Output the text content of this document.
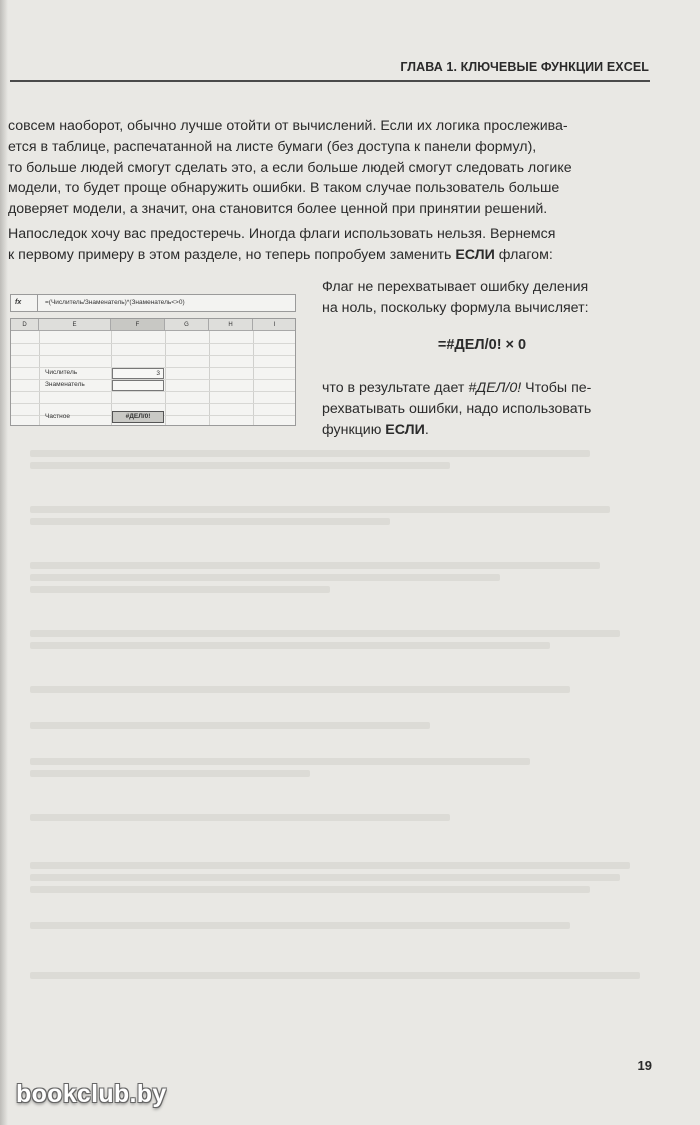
ГЛАВА 1. КЛЮЧЕВЫЕ ФУНКЦИИ EXCEL

совсем наоборот, обычно лучше отойти от вычислений. Если их логика прослежива-

ется в таблице, распечатанной на листе бумаги (без доступа к панели формул),

то больше людей смогут сделать это, а если больше людей смогут следовать логике

модели, то будет проще обнаружить ошибки. В таком случае пользователь больше

доверяет модели, а значит, она становится более ценной при принятии решений.

Напоследок хочу вас предостеречь. Иногда флаги использовать нельзя. Вернемся

к первому примеру в этом разделе, но теперь попробуем заменить ЕСЛИ флагом:

fx	=(Числитель/Знаменатель)*(Знаменатель<>0)
D	E	F	G	H	I
Числитель	3
Знаменатель
Частное	#ДЕЛ/0!

Флаг не перехватывает ошибку деления

на ноль, поскольку формула вычисляет:

=#ДЕЛ/0! × 0

что в результате дает #ДЕЛ/0! Чтобы пе-

рехватывать ошибки, надо использовать

функцию ЕСЛИ.

19
bookclub.by
